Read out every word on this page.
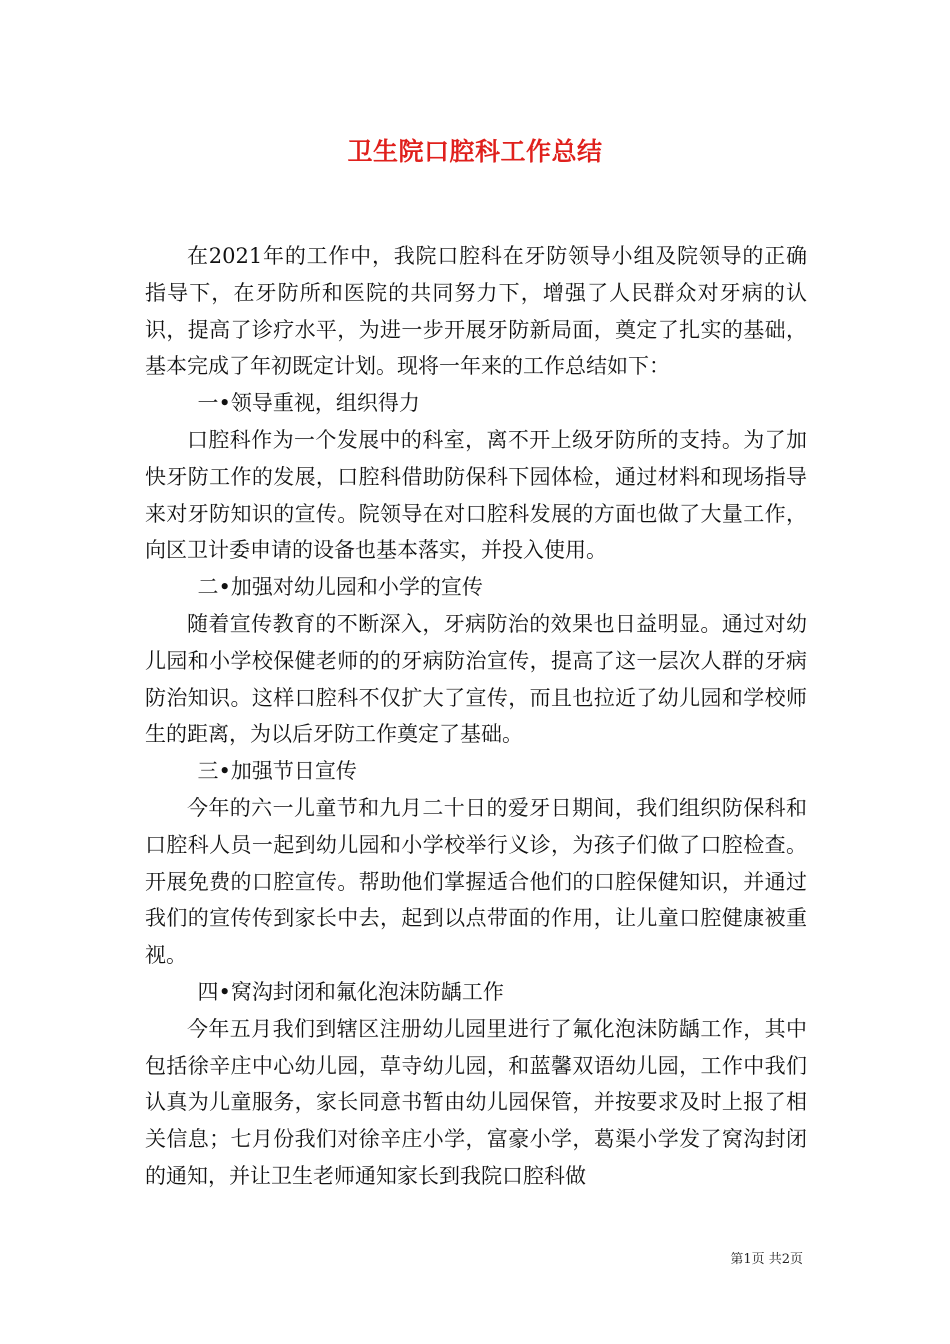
卫生院口腔科工作总结

在2021年的工作中，我院口腔科在牙防领导小组及院领导的正确指导下，在牙防所和医院的共同努力下，增强了人民群众对牙病的认识，提高了诊疗水平，为进一步开展牙防新局面，奠定了扎实的基础，基本完成了年初既定计划。现将一年来的工作总结如下：

一•领导重视，组织得力

口腔科作为一个发展中的科室，离不开上级牙防所的支持。为了加快牙防工作的发展，口腔科借助防保科下园体检，通过材料和现场指导来对牙防知识的宣传。院领导在对口腔科发展的方面也做了大量工作，向区卫计委申请的设备也基本落实，并投入使用。

二•加强对幼儿园和小学的宣传

随着宣传教育的不断深入，牙病防治的效果也日益明显。通过对幼儿园和小学校保健老师的的牙病防治宣传，提高了这一层次人群的牙病防治知识。这样口腔科不仅扩大了宣传，而且也拉近了幼儿园和学校师生的距离，为以后牙防工作奠定了基础。

三•加强节日宣传

今年的六一儿童节和九月二十日的爱牙日期间，我们组织防保科和口腔科人员一起到幼儿园和小学校举行义诊，为孩子们做了口腔检查。开展免费的口腔宣传。帮助他们掌握适合他们的口腔保健知识，并通过我们的宣传传到家长中去，起到以点带面的作用，让儿童口腔健康被重视。

四•窝沟封闭和氟化泡沫防龋工作

今年五月我们到辖区注册幼儿园里进行了氟化泡沫防龋工作，其中包括徐辛庄中心幼儿园，草寺幼儿园，和蓝馨双语幼儿园，工作中我们认真为儿童服务，家长同意书暂由幼儿园保管，并按要求及时上报了相关信息；七月份我们对徐辛庄小学，富豪小学，葛渠小学发了窝沟封闭的通知，并让卫生老师通知家长到我院口腔科做

第1页 共2页
